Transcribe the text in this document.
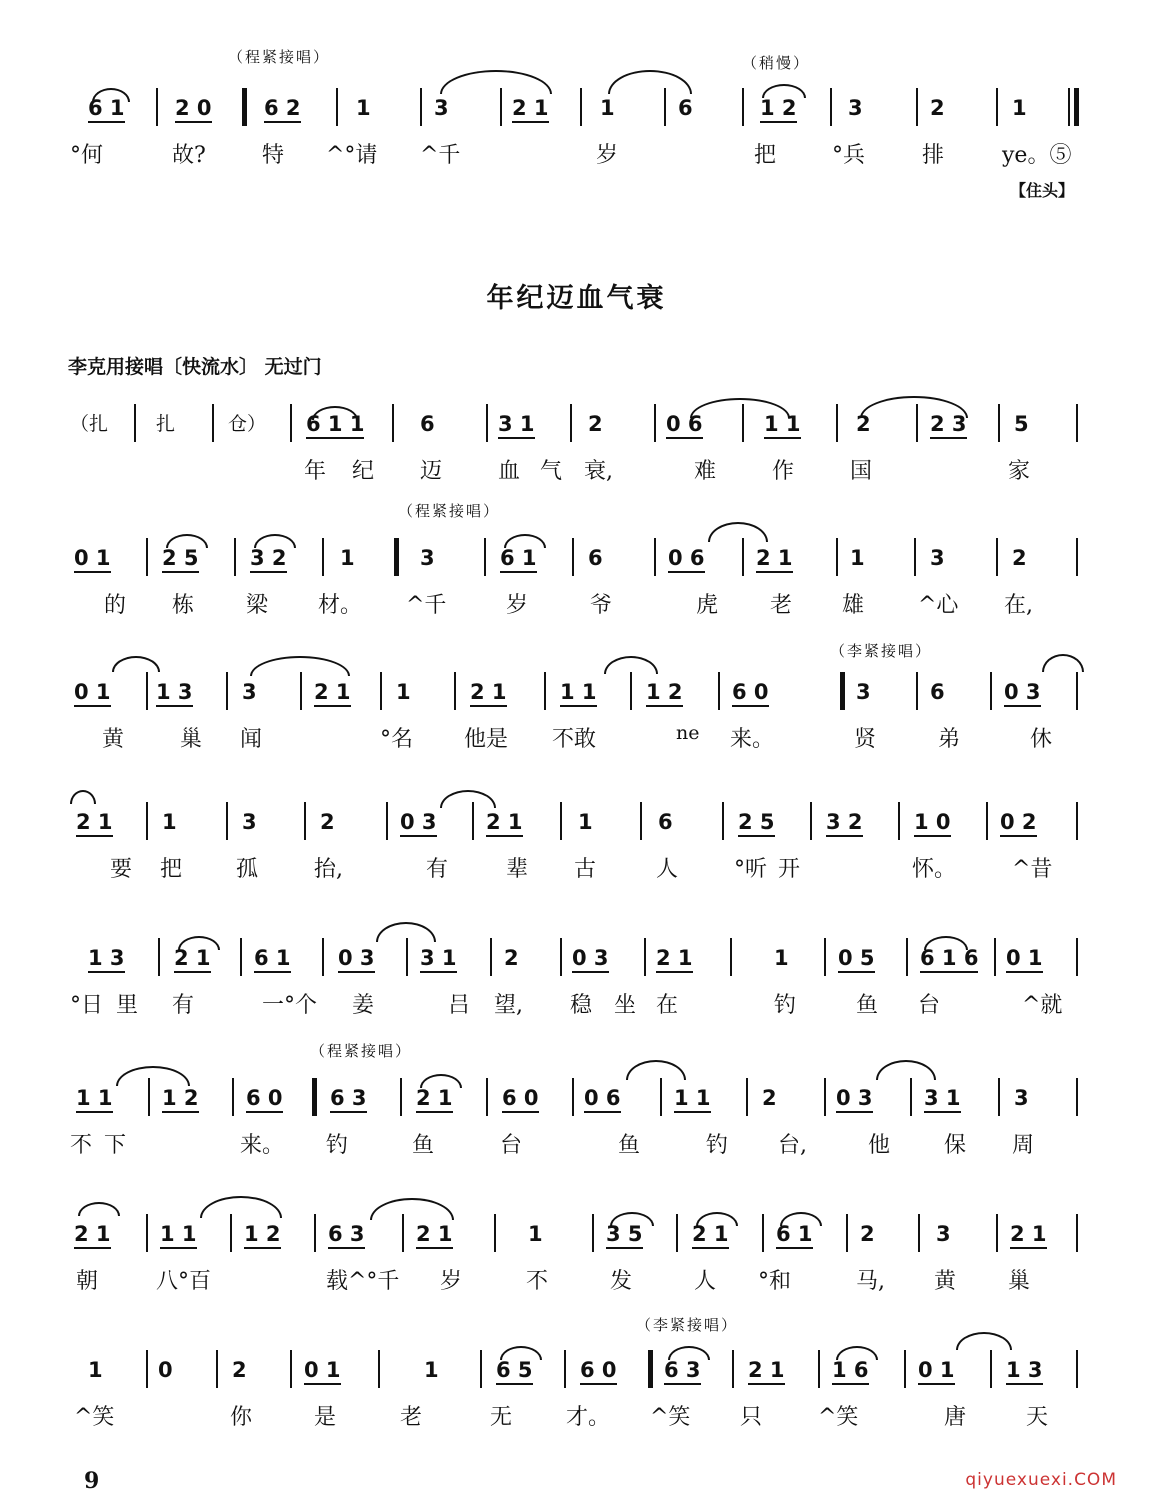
（程紧接唱）	（稍慢）
6 1 2 0 6 2	1	3	2 1 1	6	1 2 3	2	1
°何	故?	特 ^°请 ^千	岁	把	°兵	排	ye。⑤
【住头】
年纪迈血气衰
李克用接唱〔快流水〕 无过门
（扎	扎	仓） 6 1 1	6	3 1	2	0 6	1 1	2	2 3 5
年 纪 迈	血 气 衰,	难	作	国	家
（程紧接唱）
0 1 2 5 3 2	1	3	6 1 6	0 6 2 1	1	3	2
的 栋 梁 材。 ^千	岁	爷	虎 老 雄 ^心 在,
（李紧接唱）
0 1 1 3 3	2 1 1	2 1	1 1 1 2 6 0	3	6	0 3
黄	巢 闻	°名 他是 不敢	ne 来。	贤	弟	休
2 1 1	3	2	0 3 2 1	1	6	2 5 3 2 1 0 0 2
要 把 孤	抬,	有	辈 古	人	°听 开	怀。	^昔
1 3 2 1 6 1 0 3 3 1 2	0 3 2 1	1 0 5 6 1 6 0 1
°日 里 有	一°个 姜	吕 望, 稳 坐 在	钓	鱼 台	^就
（程紧接唱）
1 1 1 2 6 0 6 3 2 1 6 0 0 6	1 1 2	0 3 3 1	3
不 下	来。 钓	鱼	台	鱼	钓 台,	他 保 周
2 1 1 1 1 2 6 3 2 1	1	3 5 2 1 6 1 2	3	2 1
朝	八°百	载^°千 岁	不	发	人 °和	马, 黄 巢
（李紧接唱）
1	0	2	0 1	1	6 5 6 0 6 3 2 1 1 6 0 1 1 3
^笑	你	是	老	无 才。 ^笑 只	^笑	唐	天
9	qiyuexuexi.COM
